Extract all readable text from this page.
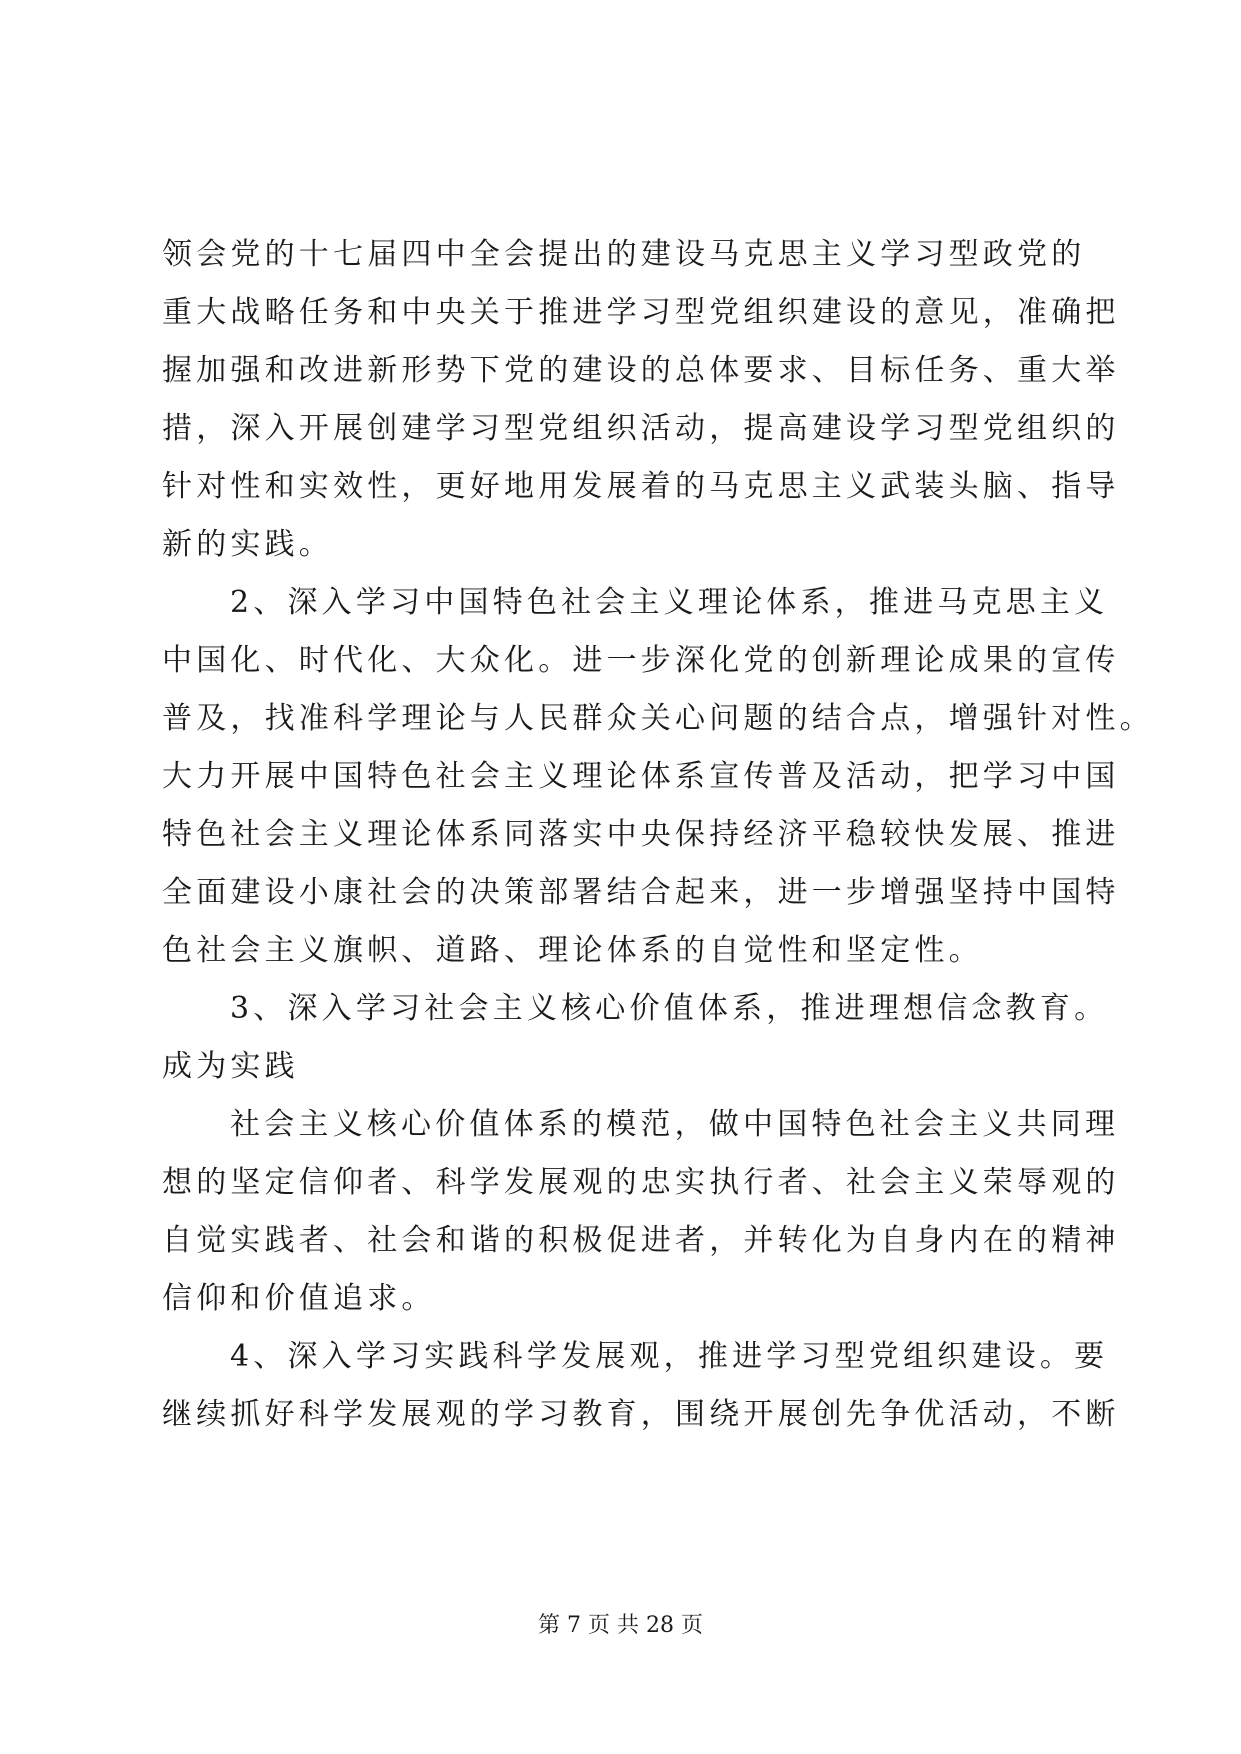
领会党的十七届四中全会提出的建设马克思主义学习型政党的
重大战略任务和中央关于推进学习型党组织建设的意见，准确把
握加强和改进新形势下党的建设的总体要求、目标任务、重大举
措，深入开展创建学习型党组织活动，提高建设学习型党组织的
针对性和实效性，更好地用发展着的马克思主义武装头脑、指导
新的实践。
2、深入学习中国特色社会主义理论体系，推进马克思主义
中国化、时代化、大众化。进一步深化党的创新理论成果的宣传
普及，找准科学理论与人民群众关心问题的结合点，增强针对性。
大力开展中国特色社会主义理论体系宣传普及活动，把学习中国
特色社会主义理论体系同落实中央保持经济平稳较快发展、推进
全面建设小康社会的决策部署结合起来，进一步增强坚持中国特
色社会主义旗帜、道路、理论体系的自觉性和坚定性。
3、深入学习社会主义核心价值体系，推进理想信念教育。
成为实践
社会主义核心价值体系的模范，做中国特色社会主义共同理
想的坚定信仰者、科学发展观的忠实执行者、社会主义荣辱观的
自觉实践者、社会和谐的积极促进者，并转化为自身内在的精神
信仰和价值追求。
4、深入学习实践科学发展观，推进学习型党组织建设。要
继续抓好科学发展观的学习教育，围绕开展创先争优活动，不断
第 7 页 共 28 页
